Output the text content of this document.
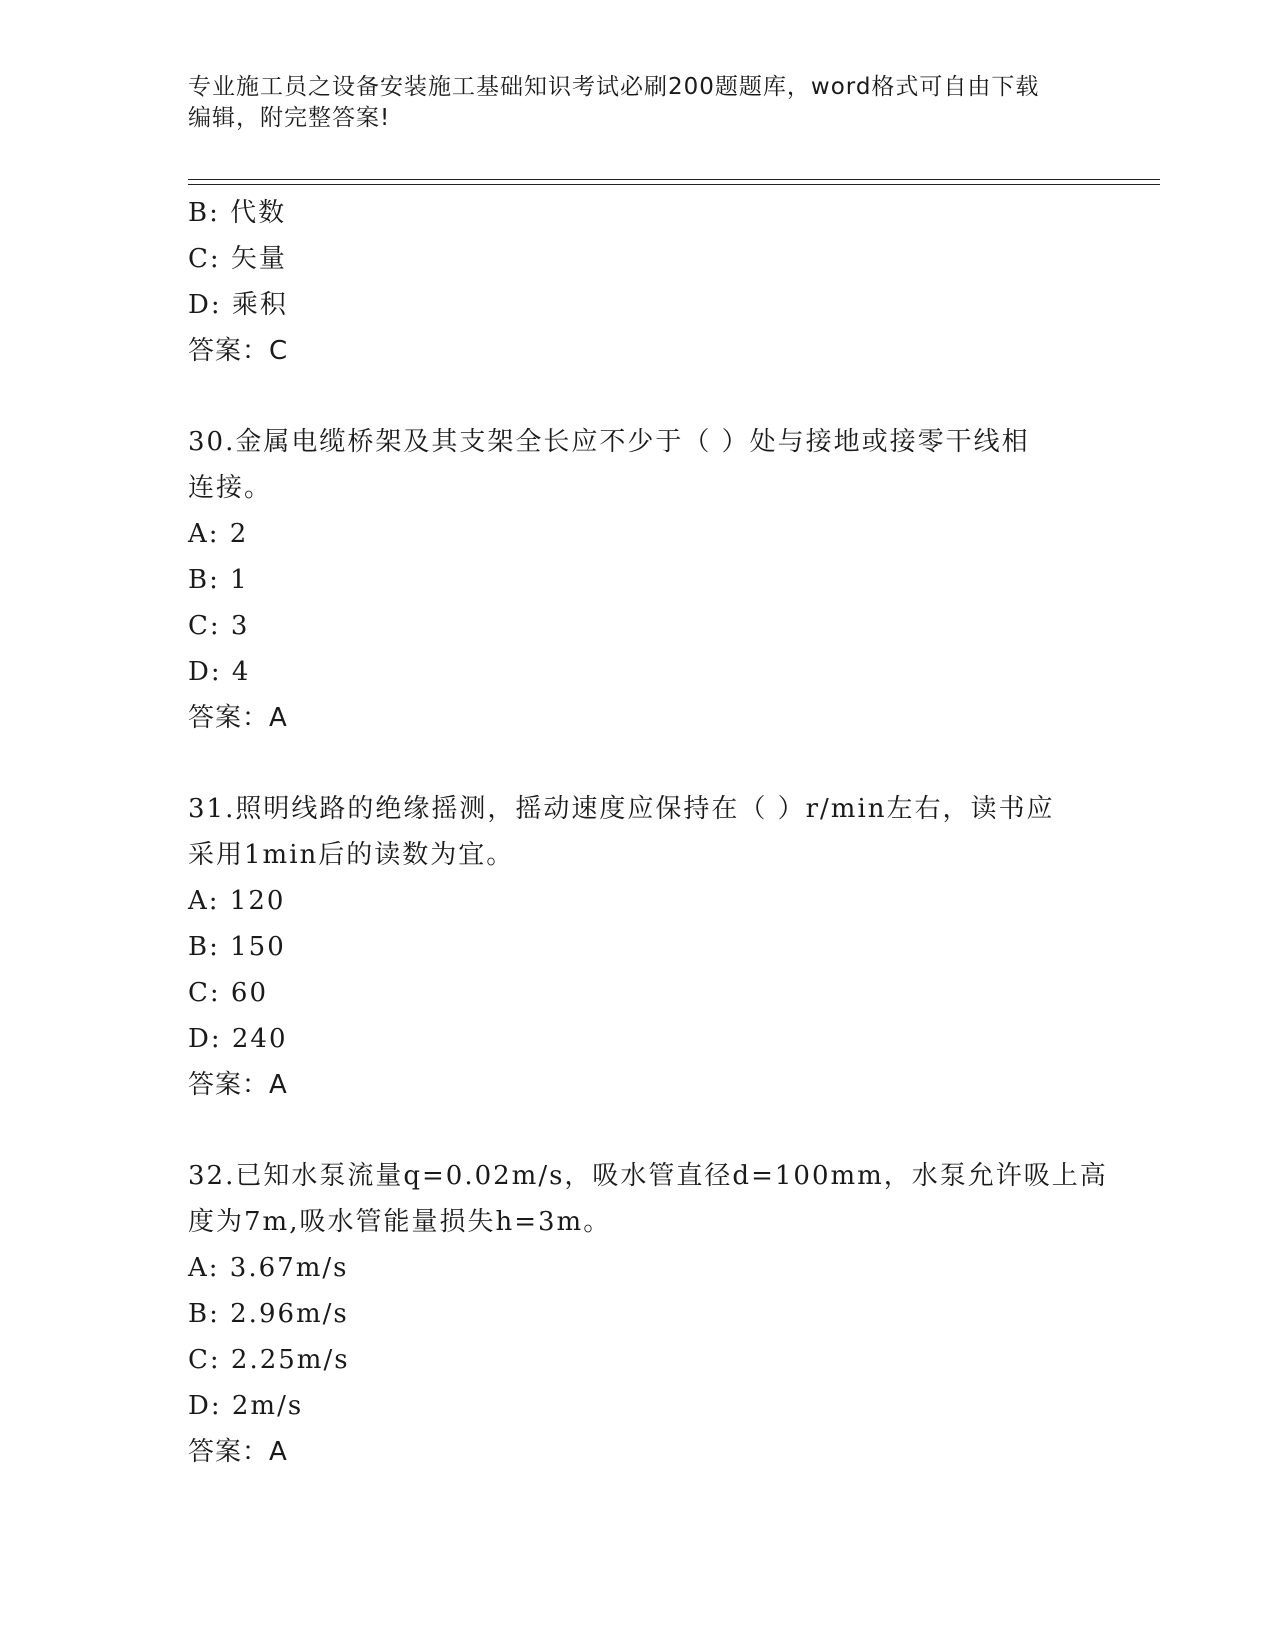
专业施工员之设备安装施工基础知识考试必刷200题题库，word格式可自由下载
编辑，附完整答案!
B: 代数
C: 矢量
D: 乘积
答案：C
30.金属电缆桥架及其支架全长应不少于（ ）处与接地或接零干线相
连接。
A: 2
B: 1
C: 3
D: 4
答案：A
31.照明线路的绝缘摇测，摇动速度应保持在（ ）r/min左右，读书应
采用1min后的读数为宜。
A: 120
B: 150
C: 60
D: 240
答案：A
32.已知水泵流量q=0.02m/s，吸水管直径d=100mm，水泵允许吸上高
度为7m,吸水管能量损失h=3m。
A: 3.67m/s
B: 2.96m/s
C: 2.25m/s
D: 2m/s
答案：A
